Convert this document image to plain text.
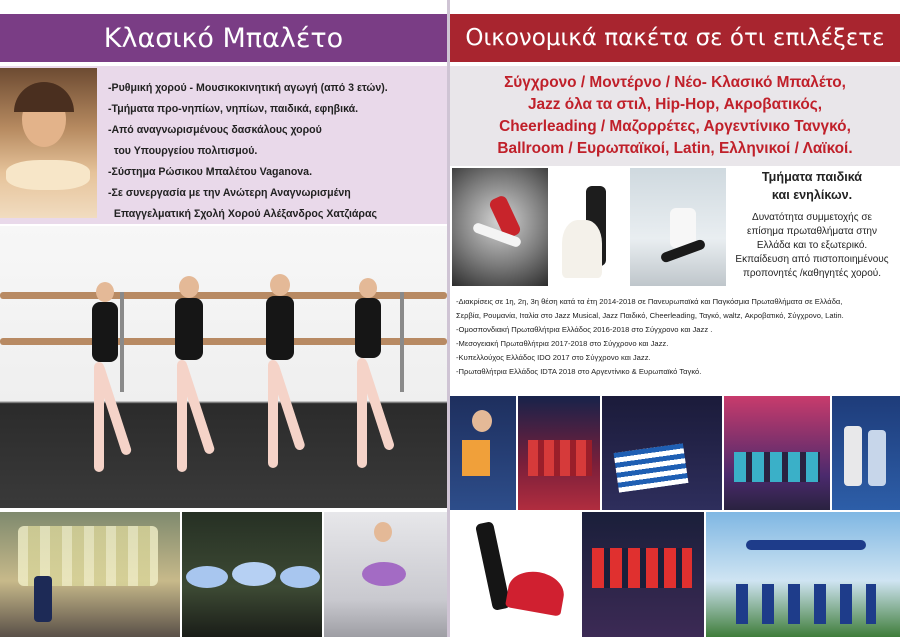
Κλασικό Μπαλέτο
-Ρυθμική χορού - Μουσικοκινητική αγωγή (από 3 ετών).
-Τμήματα προ-νηπίων, νηπίων, παιδικά, εφηβικά.
-Από αναγνωρισμένους δασκάλους χορού
του Υπουργείου πολιτισμού.
-Σύστημα Ρώσικου Μπαλέτου Vaganova.
-Σε συνεργασία με την Ανώτερη Αναγνωρισμένη
Επαγγελματική Σχολή Χορού Αλέξανδρος Χατζιάρας
Οικονομικά πακέτα σε ότι επιλέξετε
Σύγχρονο / Μοντέρνο / Νέο- Κλασικό Μπαλέτο,
Jazz όλα τα στιλ, Hip-Hop, Ακροβατικός,
Cheerleading / Μαζορρέτες, Αργεντίνικο Τανγκό,
Ballroom / Ευρωπαϊκοί, Latin, Ελληνικοί / Λαϊκοί.
Τμήματα παιδικά
και ενηλίκων.
Δυνατότητα συμμετοχής σε
επίσημα πρωταθλήματα στην
Ελλάδα και το εξωτερικό.
Εκπαίδευση από πιστοποιημένους
προπονητές /καθηγητές χορού.
-Διακρίσεις σε 1η, 2η, 3η θέση κατά τα έτη 2014-2018 σε Πανευρωπαϊκά και Παγκόσμια Πρωταθλήματα σε Ελλάδα,
Σερβία, Ρουμανία, Ιταλία στο Jazz Musical, Jazz Παιδικό, Cheerleading, Ταγκό, waltz, Ακροβατικό, Σύγχρονο, Latin.
-Ομοσπονδιακή Πρωταθλήτρια Ελλάδος 2016-2018 στο Σύγχρονο και Jazz .
-Μεσογειακή Πρωταθλήτρια 2017-2018 στο Σύγχρονο και Jazz.
-Κυπελλούχος Ελλάδος IDO 2017 στο Σύγχρονο και Jazz.
-Πρωταθλήτρια Ελλάδος IDTA 2018 στο Αργεντίνικο & Ευρωπαϊκό Ταγκό.
